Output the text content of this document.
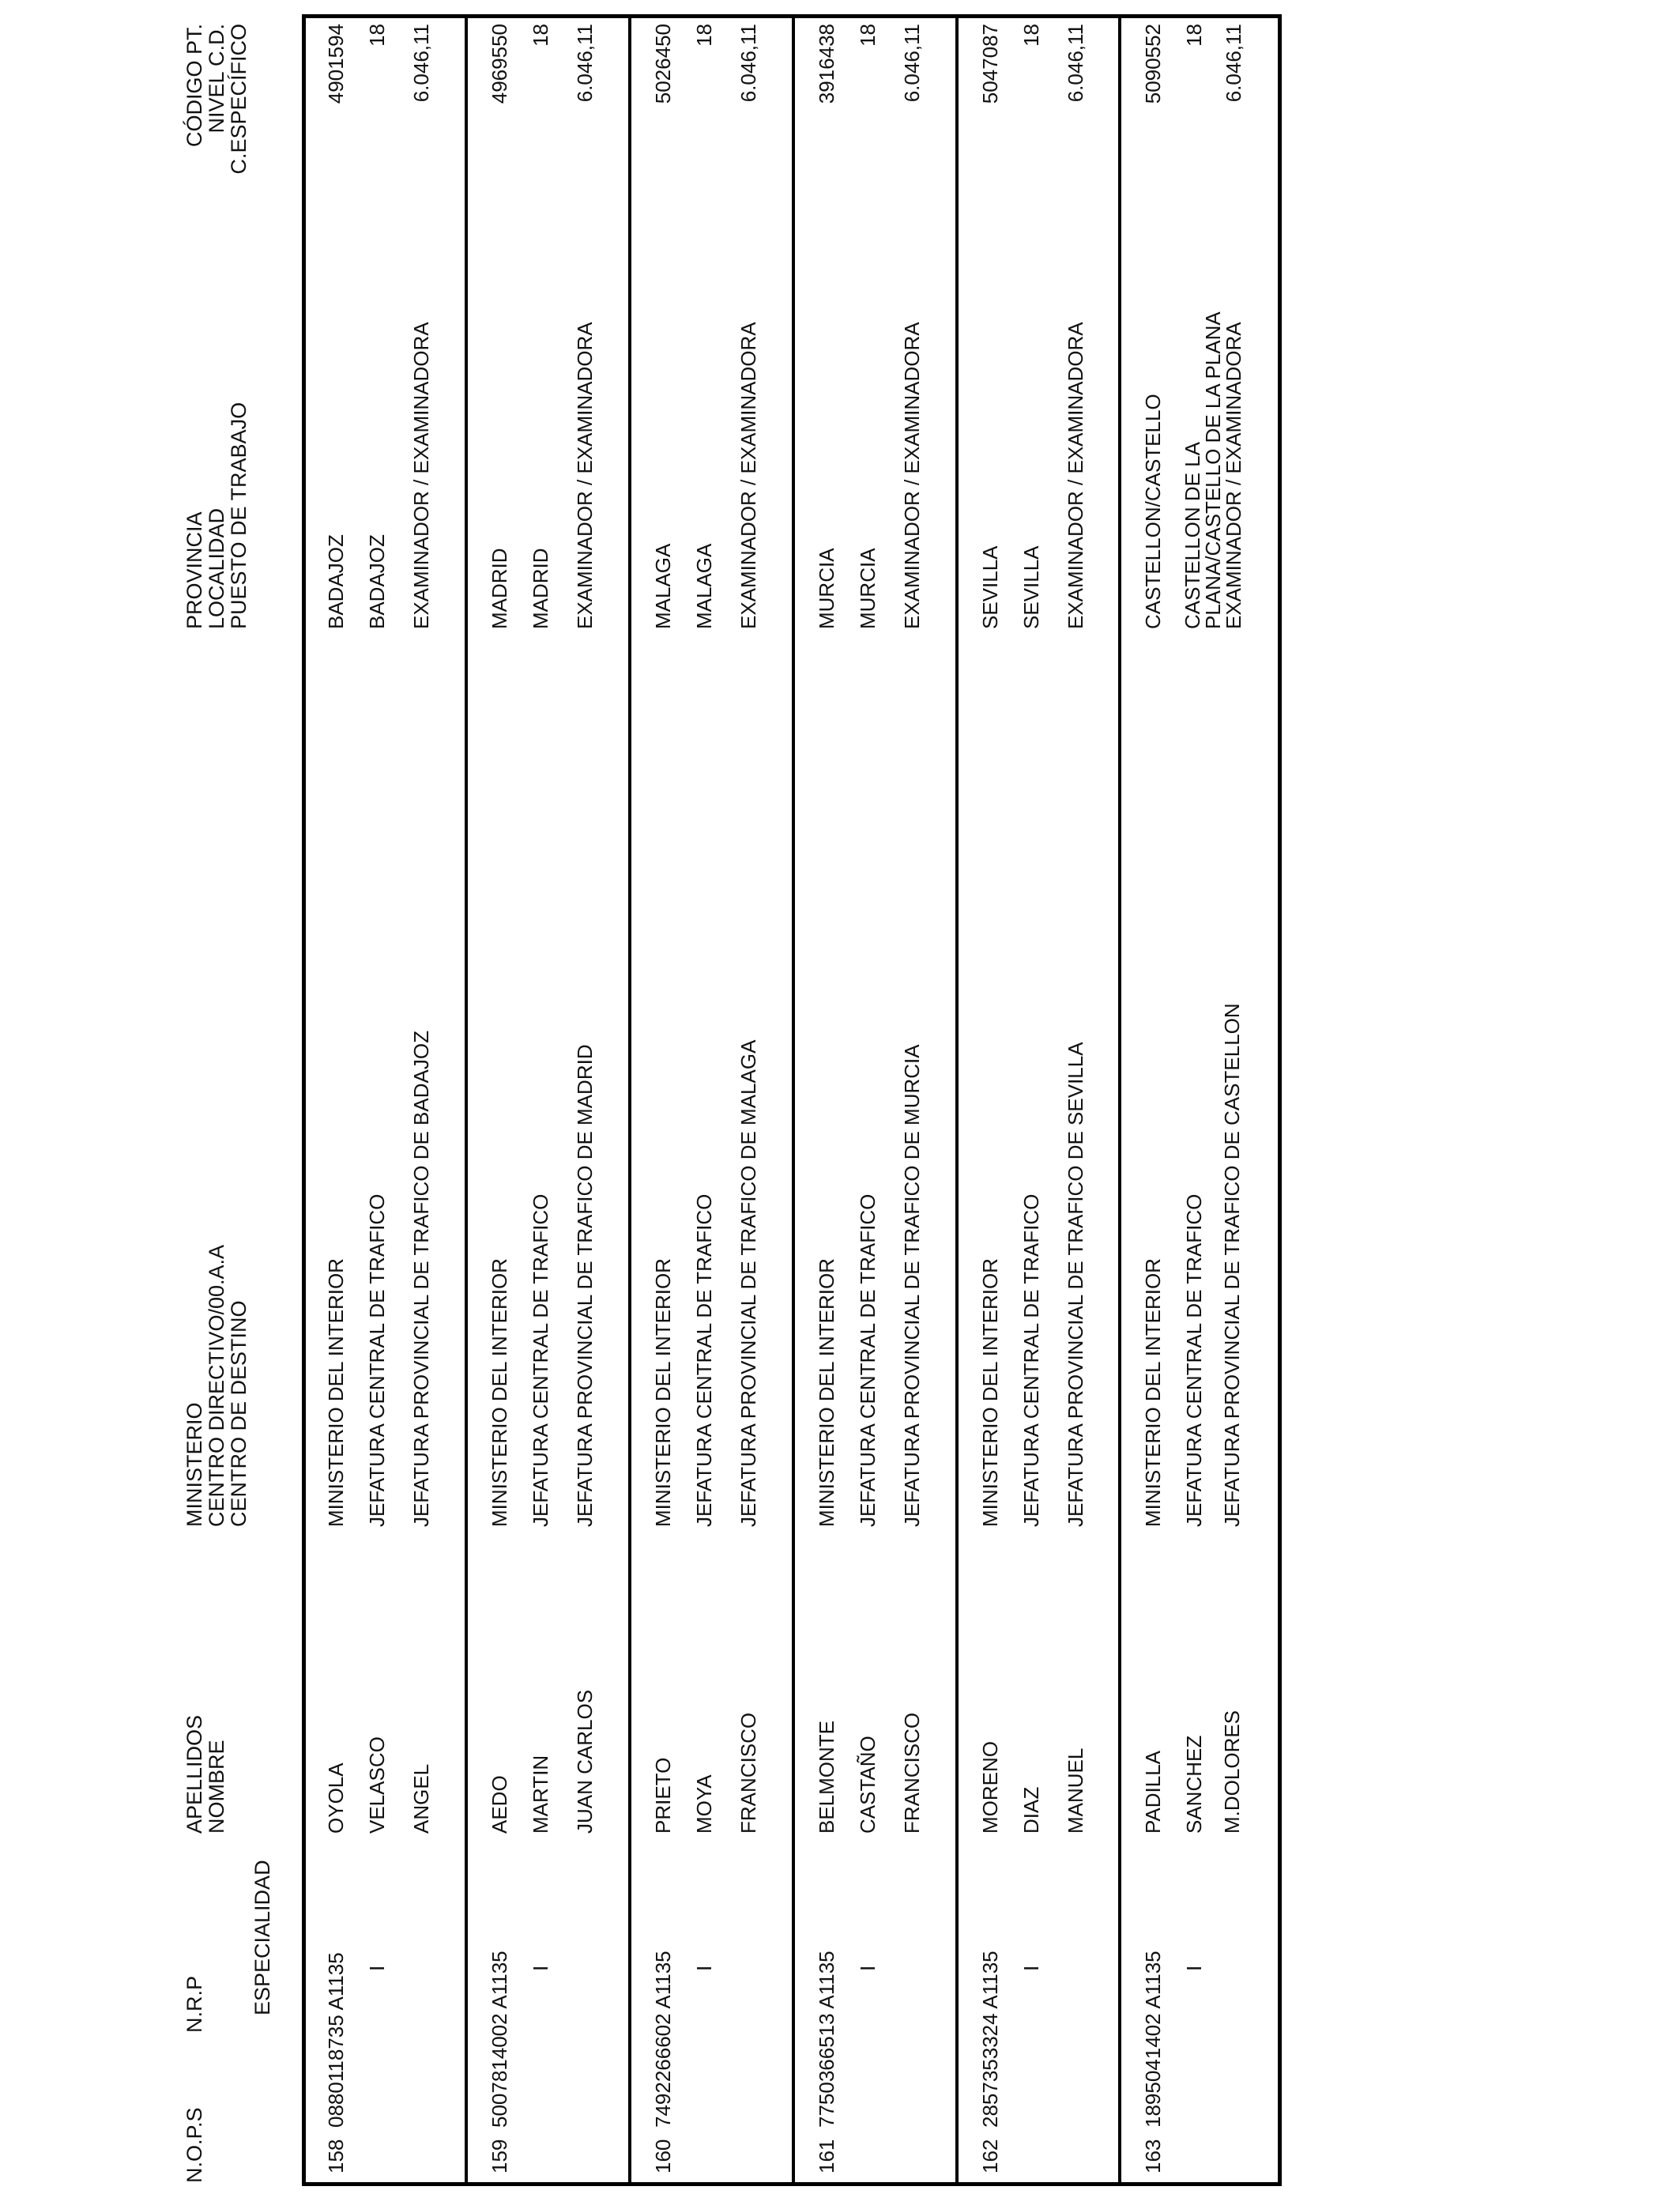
N.O.P.S
N.R.P ESPECIALIDAD
APELLIDOS
NOMBRE
MINISTERIO
CENTRO DIRECTIVO/00.A.A
CENTRO DE DESTINO
PROVINCIA
LOCALIDAD
PUESTO DE TRABAJO
CÓDIGO PT.
NIVEL C.D.
C.ESPECÍFICO
158
0880118735 A1135 I
OYOLA VELASCO ANGEL
MINISTERIO DEL INTERIOR JEFATURA CENTRAL DE TRAFICO JEFATURA PROVINCIAL DE TRAFICO DE BADAJOZ
BADAJOZ BADAJOZ EXAMINADOR / EXAMINADORA
4901594 18 6.046,11
159
5007814002 A1135 I
AEDO MARTIN JUAN CARLOS
MINISTERIO DEL INTERIOR JEFATURA CENTRAL DE TRAFICO JEFATURA PROVINCIAL DE TRAFICO DE MADRID
MADRID MADRID EXAMINADOR / EXAMINADORA
4969550 18 6.046,11
160
7492266602 A1135 I
PRIETO MOYA FRANCISCO
MINISTERIO DEL INTERIOR JEFATURA CENTRAL DE TRAFICO JEFATURA PROVINCIAL DE TRAFICO DE MALAGA
MALAGA MALAGA EXAMINADOR / EXAMINADORA
5026450 18 6.046,11
161
7750366513 A1135 I
BELMONTE CASTAÑO FRANCISCO
MINISTERIO DEL INTERIOR JEFATURA CENTRAL DE TRAFICO JEFATURA PROVINCIAL DE TRAFICO DE MURCIA
MURCIA MURCIA EXAMINADOR / EXAMINADORA
3916438 18 6.046,11
162
2857353324 A1135 I
MORENO DIAZ MANUEL
MINISTERIO DEL INTERIOR JEFATURA CENTRAL DE TRAFICO JEFATURA PROVINCIAL DE TRAFICO DE SEVILLA
SEVILLA SEVILLA EXAMINADOR / EXAMINADORA
5047087 18 6.046,11
163
1895041402 A1135 I
PADILLA SANCHEZ M.DOLORES
MINISTERIO DEL INTERIOR JEFATURA CENTRAL DE TRAFICO JEFATURA PROVINCIAL DE TRAFICO DE CASTELLON
CASTELLON/CASTELLO CASTELLON DE LA
PLANA/CASTELLO DE LA PLANA
EXAMINADOR / EXAMINADORA
5090552 18 6.046,11
